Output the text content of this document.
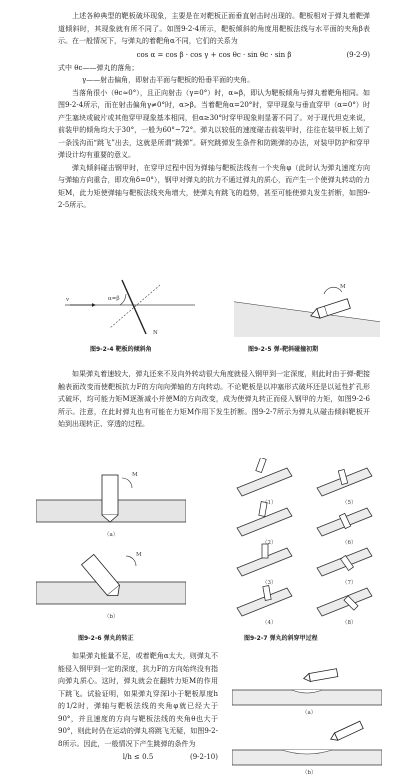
上述各种典型的靶板破坏现象，主要是在对靶板正面垂直射击时出现的。靶板相对于弹丸着靶弹道倾斜时，其现象就有所不同了。如图9-2-4所示，靶板倾斜的角度用靶板法线与水平面的夹角β表示。在一般情况下，与弹丸的着靶角α不同，它们的关系为

cos α = cos β · cos γ + cos θc · sin θc · sin β	(9-2-9)

式中 θc——弹丸的落角；

γ——射击偏角，即射击平面与靶板的铅垂平面的夹角。

当落角很小（θc≈0°），且正向射击（γ=0°）时，α≈β，即认为靶板倾角与弹丸着靶角相同。如图9-2-4所示，而在射击偏角γ≠0°时，α>β。当着靶角α=20°时，穿甲现象与垂直穿甲（α=0°）时产生塞块或破片或其他穿甲现象基本相同，但α≥30°时穿甲现象则显著不同了。对于现代坦克来说，前装甲的倾角均大于30°，一般为60°~72°。弹丸以较低的速度碰击前装甲时，往往在装甲板上划了一条浅沟而“跳飞”出去，这就是所谓“跳弹”。研究跳弹发生条件和防跳弹的办法，对装甲防护和穿甲弹设计均有重要的意义。

弹丸倾斜碰击钢甲时，在穿甲过程中因为弹轴与靶板法线有一个夹角φ（此时认为弹丸速度方向与弹轴方向重合，即攻角δ=0°），钢甲对弹丸的抗力不通过弹丸的质心，而产生一个使弹丸转动的力矩M，此力矩使弹轴与靶板法线夹角增大，使弹丸有跳飞的趋势，甚至可能使弹丸发生折断，如图9-2-5所示。

v	α=β
N
图9-2-4 靶板的倾斜角
M
图9-2-5 弹-靶斜碰撞初期

如果弹丸着速较大，弹丸还来不及向外转动很大角度就侵入钢甲到一定深度，则此时由于弹-靶接触表面改变而使靶板抗力F的方向向弹轴的方向转动。不论靶板是以冲塞形式破坏还是以延性扩孔形式破坏，均可能力矩M逐渐减小并使M的方向改变，成为使弹丸转正而侵入钢甲的力矩，如图9-2-6所示。注意，在此时弹丸也有可能在力矩M作用下发生折断。图9-2-7所示为弹丸从碰击倾斜靶板开始到出现转正、穿透的过程。

M
（a）
M
（b）
图9-2-6 弹丸的转正
（1）
（2）
（3）
（4）
（5）
（6）
（7）
（8）
图9-2-7 弹丸的斜穿甲过程

如果弹丸能量不足，或着靶角α太大，则弹丸不能侵入钢甲到一定的深度，抗力F的方向始终没有指向弹丸质心。这时，弹丸就会在翻转力矩M的作用下跳飞。试验证明，如果弹丸穿深l小于靶板厚度h的1/2时，弹轴与靶板法线的夹角φ就已经大于90°，并且速度的方向与靶板法线的夹角θ也大于90°，则此时仍在运动的弹丸将跳飞无疑，如图9-2-8所示。因此，一般情况下产生跳弹的条件为

l/h ≤ 0.5	(9-2-10)
（a）
（b）
